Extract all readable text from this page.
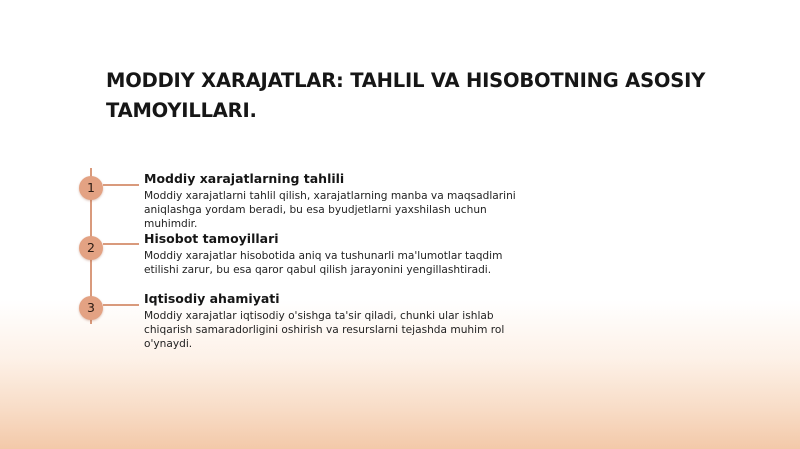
MODDIY XARAJATLAR: TAHLIL VA HISOBOTNING ASOSIY TAMOYILLARI.
1
Moddiy xarajatlarning tahlili
Moddiy xarajatlarni tahlil qilish, xarajatlarning manba va maqsadlarini aniqlashga yordam beradi, bu esa byudjetlarni yaxshilash uchun muhimdir.
2
Hisobot tamoyillari
Moddiy xarajatlar hisobotida aniq va tushunarli ma'lumotlar taqdim etilishi zarur, bu esa qaror qabul qilish jarayonini yengillashtiradi.
3
Iqtisodiy ahamiyati
Moddiy xarajatlar iqtisodiy o'sishga ta'sir qiladi, chunki ular ishlab chiqarish samaradorligini oshirish va resurslarni tejashda muhim rol o'ynaydi.
